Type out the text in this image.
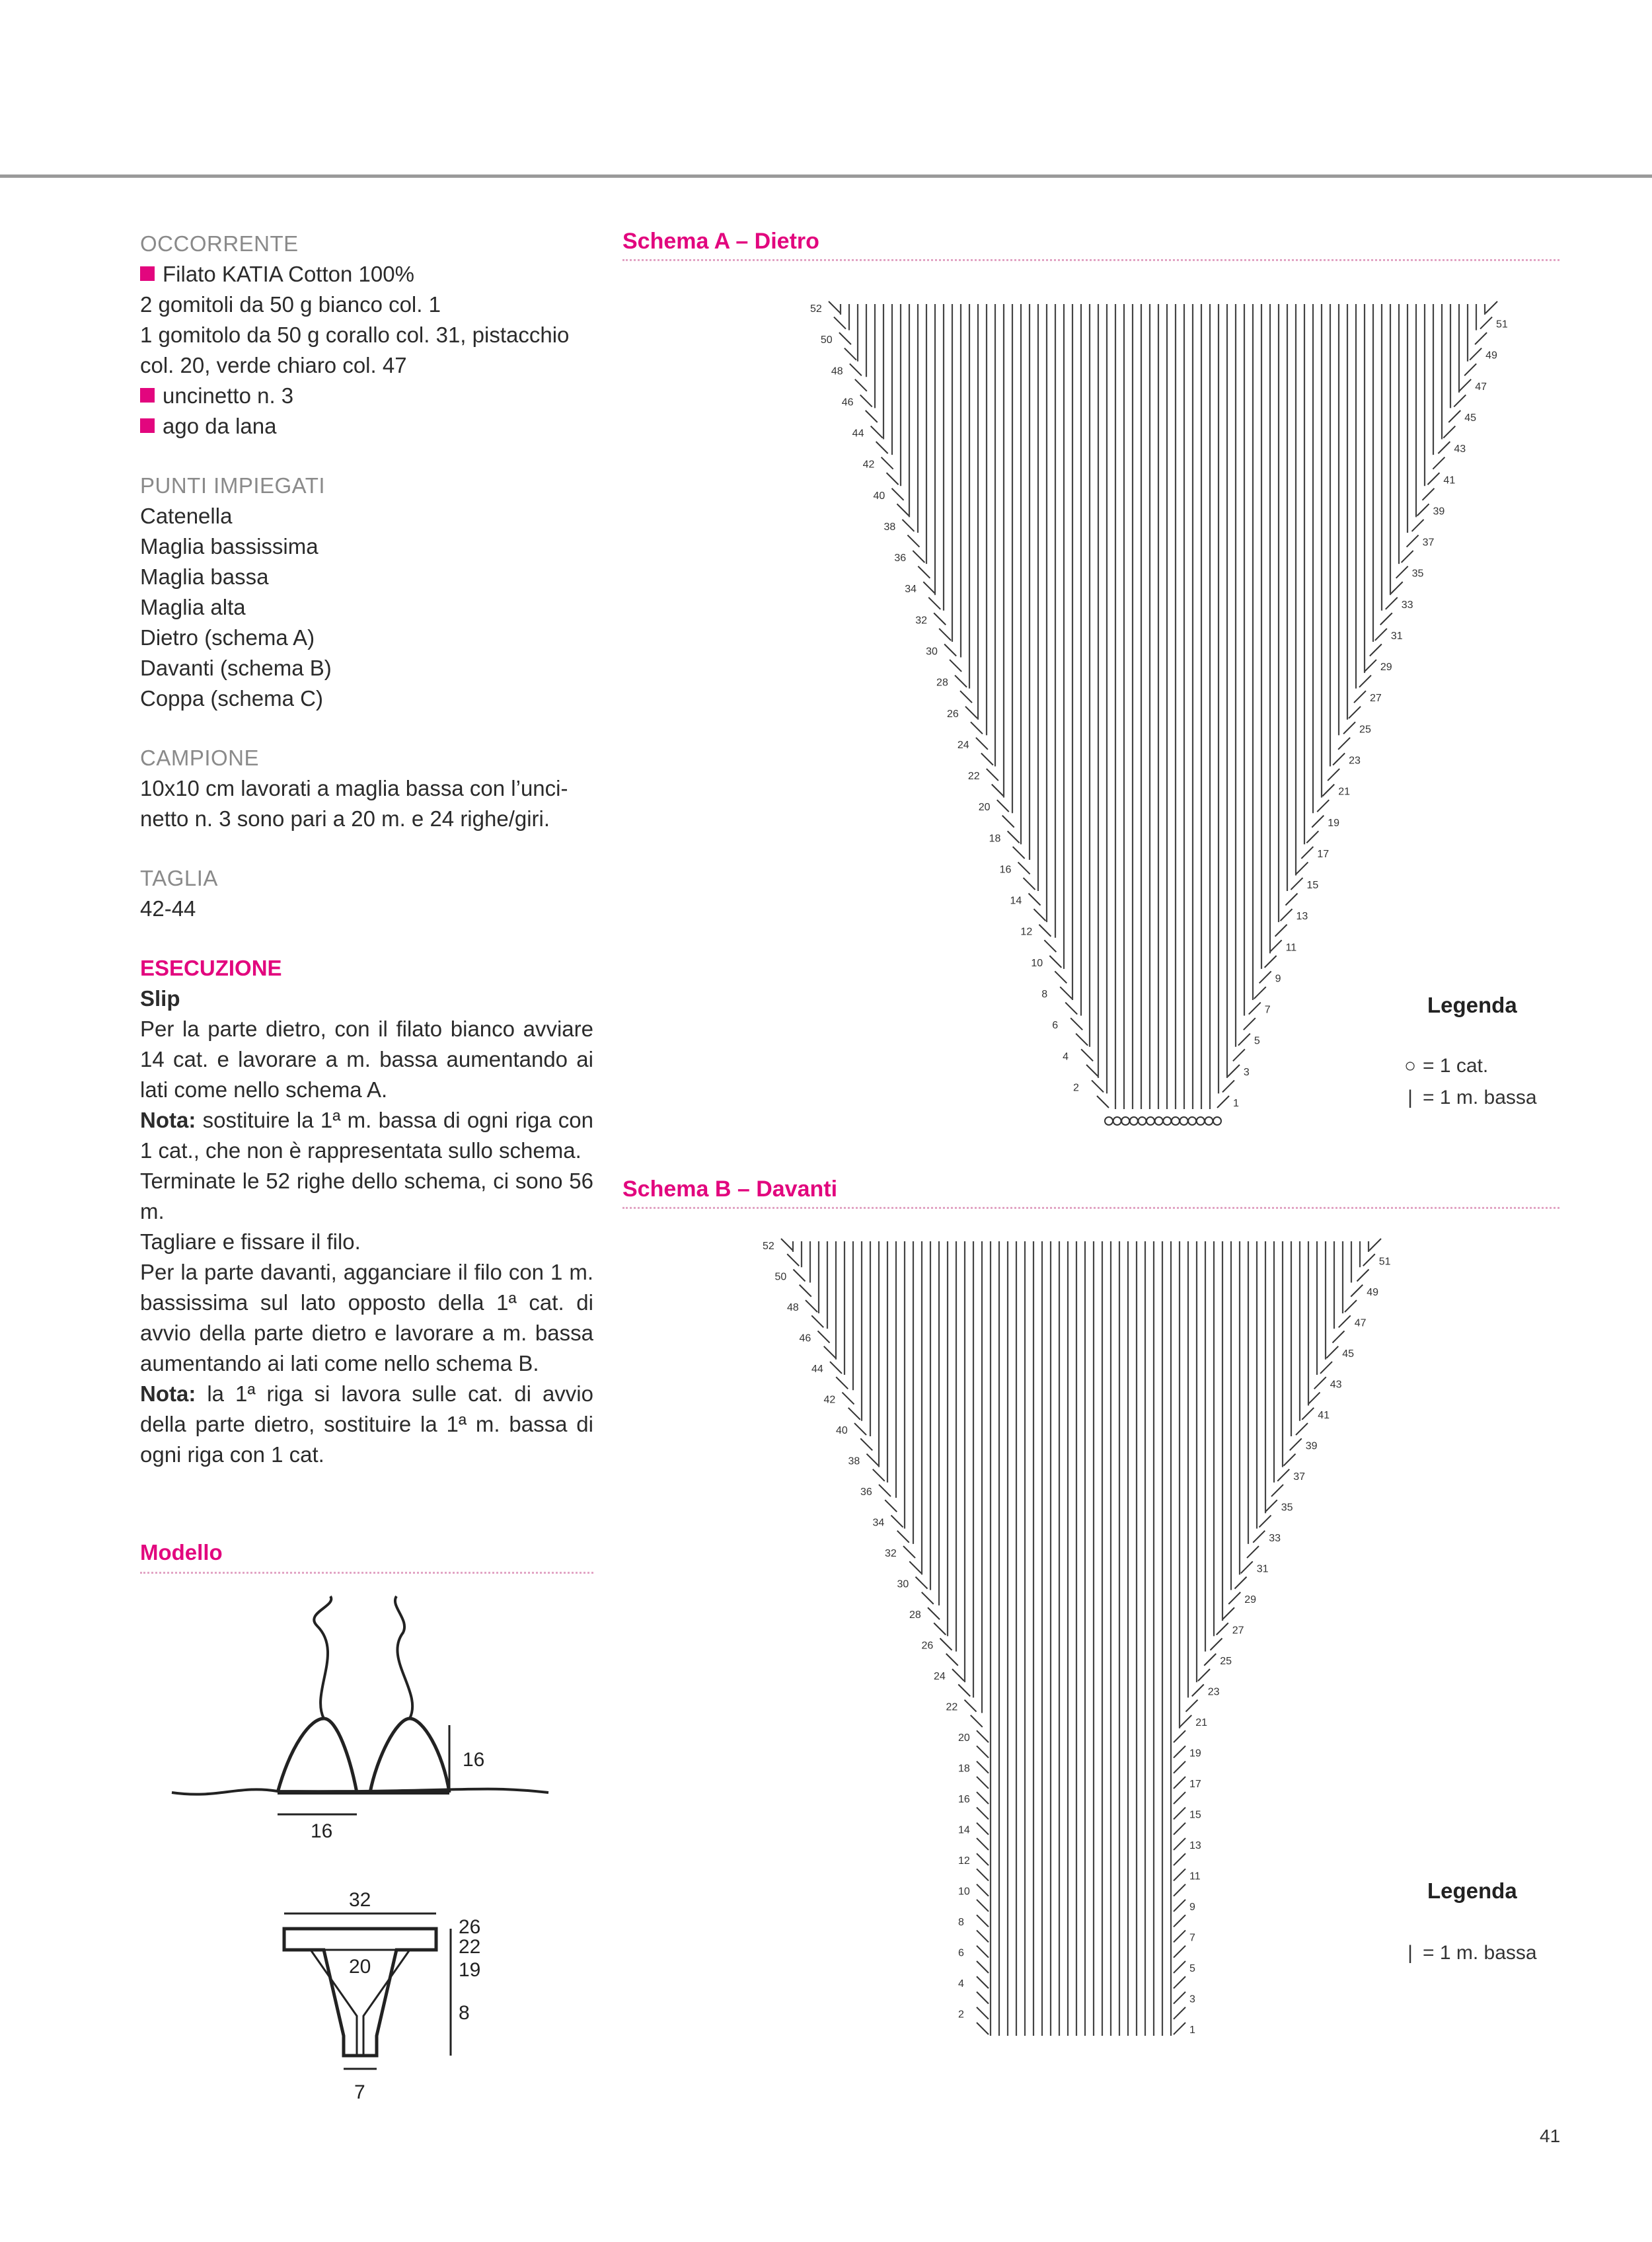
OCCORRENTE

Filato KATIA Cotton 100%

2 gomitoli da 50 g bianco col. 1

1 gomitolo da 50 g corallo col. 31, pistacchio

col. 20, verde chiaro col. 47

uncinetto n. 3

ago da lana

PUNTI IMPIEGATI

Catenella

Maglia bassissima

Maglia bassa

Maglia alta

Dietro (schema A)

Davanti (schema B)

Coppa (schema C)

CAMPIONE

10x10 cm lavorati a maglia bassa con l’unci-

netto n. 3 sono pari a 20 m. e 24 righe/giri.

TAGLIA

42-44

ESECUZIONE

Slip

Per la parte dietro, con il filato bianco avviare 14 cat. e lavorare a m. bassa aumentando ai lati come nello schema A.

Nota: sostituire la 1ª m. bassa di ogni riga con 1 cat., che non è rappresentata sullo schema.

Terminate le 52 righe dello schema, ci sono 56 m.

Tagliare e fissare il filo.

Per la parte davanti, agganciare il filo con 1 m. bassissima sul lato opposto della 1ª cat. di avvio della parte dietro e lavorare a m. bassa aumentando ai lati come nello schema B.

Nota: la 1ª riga si lavora sulle cat. di avvio della parte dietro, sostituire la 1ª m. bassa di ogni riga con 1 cat.

Modello
16
16
32
20
26
22
19
8
7
Schema A – Dietro
1
2
3
4
5
6
7
8
9
10
11
12
13
14
15
16
17
18
19
20
21
22
23
24
25
26
27
28
29
30
31
32
33
34
35
36
37
38
39
40
41
42
43
44
45
46
47
48
49
50
51
52
Legenda
○ = 1 cat.
| = 1 m. bassa
Schema B – Davanti
1
2
3
4
5
6
7
8
9
10
11
12
13
14
15
16
17
18
19
20
21
22
23
24
25
26
27
28
29
30
31
32
33
34
35
36
37
38
39
40
41
42
43
44
45
46
47
48
49
50
51
52
Legenda
| = 1 m. bassa
41
